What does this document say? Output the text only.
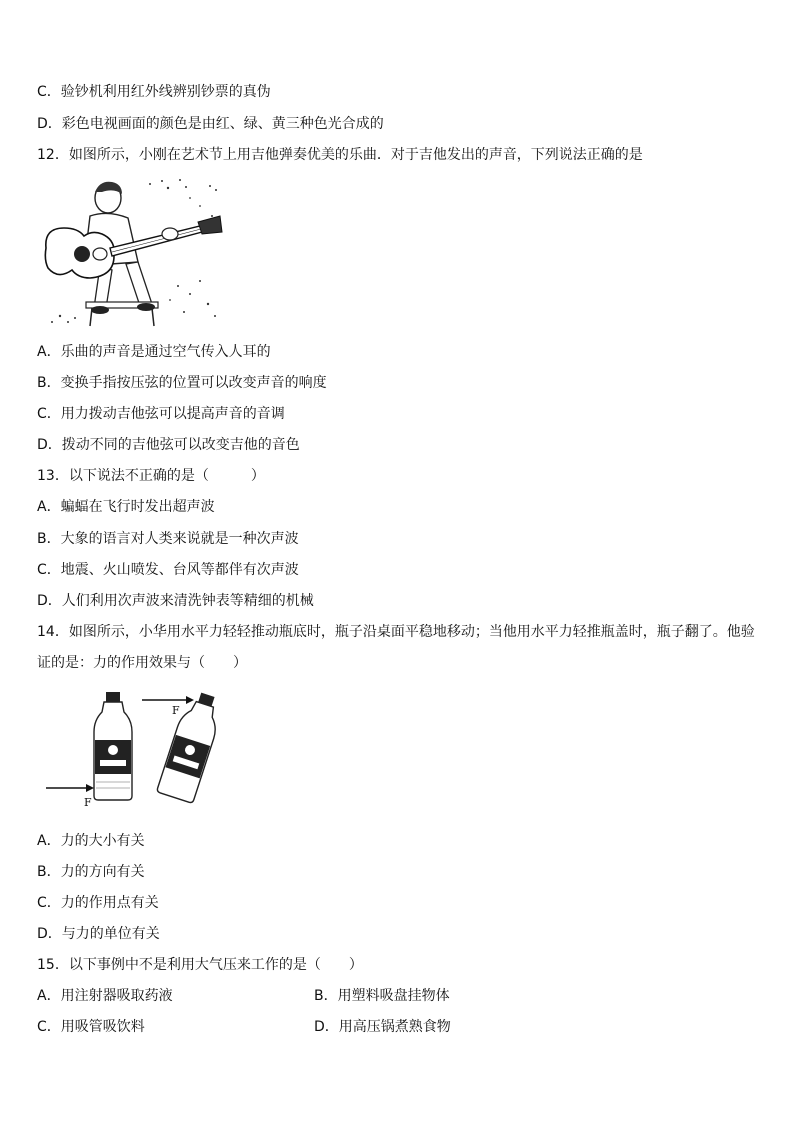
C．验钞机利用红外线辨别钞票的真伪
D．彩色电视画面的颜色是由红、绿、黄三种色光合成的
12．如图所示，小刚在艺术节上用吉他弹奏优美的乐曲．对于吉他发出的声音，下列说法正确的是
A．乐曲的声音是通过空气传入人耳的
B．变换手指按压弦的位置可以改变声音的响度
C．用力拨动吉他弦可以提高声音的音调
D．拨动不同的吉他弦可以改变吉他的音色
13．以下说法不正确的是（　　　）
A．蝙蝠在飞行时发出超声波
B．大象的语言对人类来说就是一种次声波
C．地震、火山喷发、台风等都伴有次声波
D．人们利用次声波来清洗钟表等精细的机械
14．如图所示，小华用水平力轻轻推动瓶底时，瓶子沿桌面平稳地移动；当他用水平力轻推瓶盖时，瓶子翻了。他验
证的是：力的作用效果与（　　）
F
F
A．力的大小有关
B．力的方向有关
C．力的作用点有关
D．与力的单位有关
15．以下事例中不是利用大气压来工作的是（　　）
A．用注射器吸取药液	B．用塑料吸盘挂物体
C．用吸管吸饮料	D．用高压锅煮熟食物
